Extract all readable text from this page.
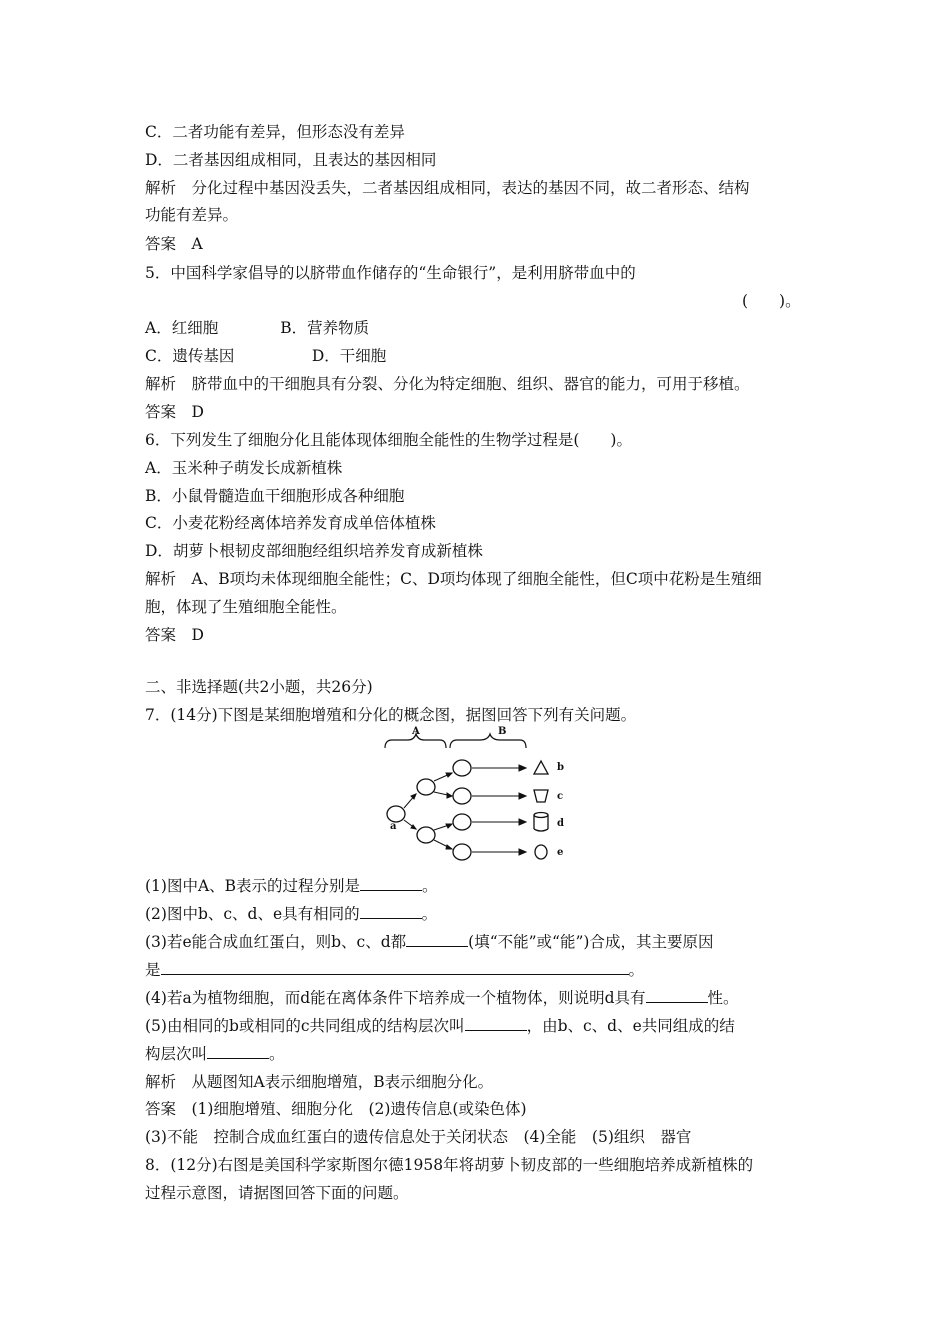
C．二者功能有差异，但形态没有差异
D．二者基因组成相同，且表达的基因相同
解析　分化过程中基因没丢失，二者基因组成相同，表达的基因不同，故二者形态、结构
功能有差异。
答案　A
5．中国科学家倡导的以脐带血作储存的“生命银行”，是利用脐带血中的
(　　)。
A．红细胞　　　　B．营养物质
C．遗传基因　　　　　D．干细胞
解析　脐带血中的干细胞具有分裂、分化为特定细胞、组织、器官的能力，可用于移植。
答案　D
6．下列发生了细胞分化且能体现体细胞全能性的生物学过程是(　　)。
A．玉米种子萌发长成新植株
B．小鼠骨髓造血干细胞形成各种细胞
C．小麦花粉经离体培养发育成单倍体植株
D．胡萝卜根韧皮部细胞经组织培养发育成新植株
解析　A、B项均未体现细胞全能性；C、D项均体现了细胞全能性，但C项中花粉是生殖细
胞，体现了生殖细胞全能性。
答案　D
二、非选择题(共2小题，共26分)
7．(14分)下图是某细胞增殖和分化的概念图，据图回答下列有关问题。
A	B
a
b
c
d
e
(1)图中A、B表示的过程分别是	。
(2)图中b、c、d、e具有相同的	。
(3)若e能合成血红蛋白，则b、c、d都	(填“不能”或“能”)合成，其主要原因
是	。
(4)若a为植物细胞，而d能在离体条件下培养成一个植物体，则说明d具有	性。
(5)由相同的b或相同的c共同组成的结构层次叫	，由b、c、d、e共同组成的结
构层次叫	。
解析　从题图知A表示细胞增殖，B表示细胞分化。
答案　(1)细胞增殖、细胞分化　(2)遗传信息(或染色体)
(3)不能　控制合成血红蛋白的遗传信息处于关闭状态　(4)全能　(5)组织　器官
8．(12分)右图是美国科学家斯图尔德1958年将胡萝卜韧皮部的一些细胞培养成新植株的
过程示意图，请据图回答下面的问题。
